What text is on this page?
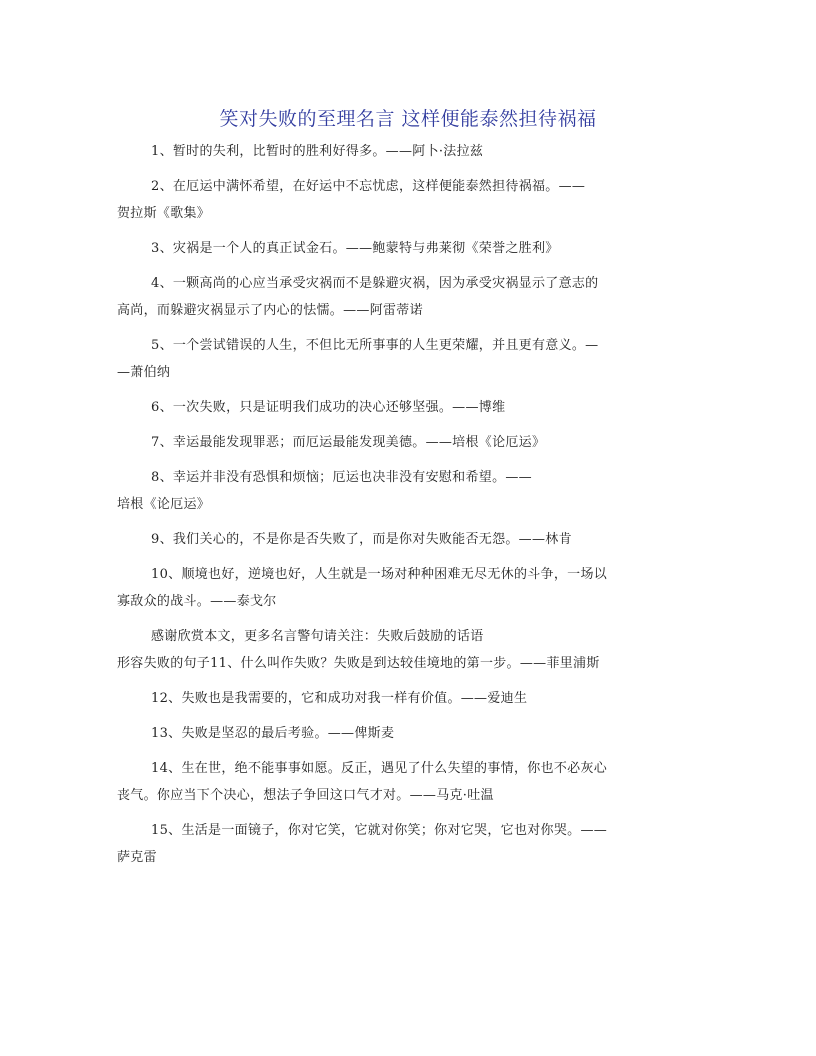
笑对失败的至理名言 这样便能泰然担待祸福

1、暂时的失利，比暂时的胜利好得多。——阿卜·法拉兹

2、在厄运中满怀希望，在好运中不忘忧虑，这样便能泰然担待祸福。——
贺拉斯《歌集》

3、灾祸是一个人的真正试金石。——鲍蒙特与弗莱彻《荣誉之胜利》

4、一颗高尚的心应当承受灾祸而不是躲避灾祸，因为承受灾祸显示了意志的
高尚，而躲避灾祸显示了内心的怯懦。——阿雷蒂诺

5、一个尝试错误的人生，不但比无所事事的人生更荣耀，并且更有意义。—
—萧伯纳

6、一次失败，只是证明我们成功的决心还够坚强。——博维

7、幸运最能发现罪恶；而厄运最能发现美德。——培根《论厄运》

8、幸运并非没有恐惧和烦恼；厄运也决非没有安慰和希望。——
培根《论厄运》

9、我们关心的，不是你是否失败了，而是你对失败能否无怨。——林肯

10、顺境也好，逆境也好，人生就是一场对种种困难无尽无休的斗争，一场以
寡敌众的战斗。——泰戈尔

感谢欣赏本文，更多名言警句请关注：失败后鼓励的话语
形容失败的句子11、什么叫作失败？失败是到达较佳境地的第一步。——菲里浦斯

12、失败也是我需要的，它和成功对我一样有价值。——爱迪生

13、失败是坚忍的最后考验。——俾斯麦

14、生在世，绝不能事事如愿。反正，遇见了什么失望的事情，你也不必灰心
丧气。你应当下个决心，想法子争回这口气才对。——马克·吐温

15、生活是一面镜子，你对它笑，它就对你笑；你对它哭，它也对你哭。——
萨克雷
